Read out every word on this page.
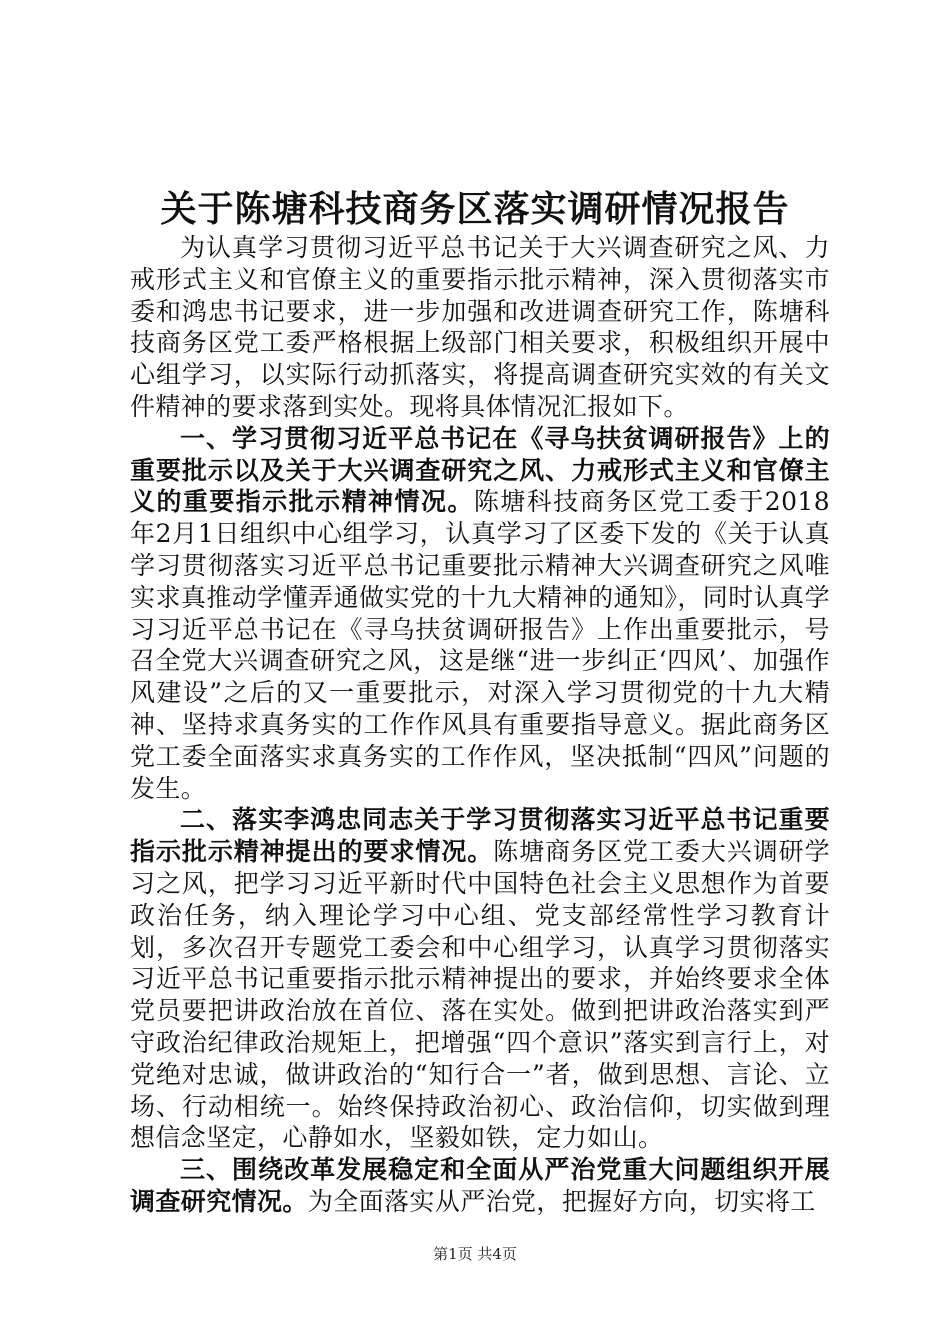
关于陈塘科技商务区落实调研情况报告

为认真学习贯彻习近平总书记关于大兴调查研究之风、力戒形式主义和官僚主义的重要指示批示精神，深入贯彻落实市委和鸿忠书记要求，进一步加强和改进调查研究工作，陈塘科技商务区党工委严格根据上级部门相关要求，积极组织开展中心组学习，以实际行动抓落实，将提高调查研究实效的有关文件精神的要求落到实处。现将具体情况汇报如下。

一、学习贯彻习近平总书记在《寻乌扶贫调研报告》上的重要批示以及关于大兴调查研究之风、力戒形式主义和官僚主义的重要指示批示精神情况。陈塘科技商务区党工委于2018年2月1日组织中心组学习，认真学习了区委下发的《关于认真学习贯彻落实习近平总书记重要批示精神大兴调查研究之风唯实求真推动学懂弄通做实党的十九大精神的通知》，同时认真学习习近平总书记在《寻乌扶贫调研报告》上作出重要批示，号召全党大兴调查研究之风，这是继“进一步纠正‘四风’、加强作风建设”之后的又一重要批示，对深入学习贯彻党的十九大精神、坚持求真务实的工作作风具有重要指导意义。据此商务区党工委全面落实求真务实的工作作风，坚决抵制“四风”问题的发生。

二、落实李鸿忠同志关于学习贯彻落实习近平总书记重要指示批示精神提出的要求情况。陈塘商务区党工委大兴调研学习之风，把学习习近平新时代中国特色社会主义思想作为首要政治任务，纳入理论学习中心组、党支部经常性学习教育计划，多次召开专题党工委会和中心组学习，认真学习贯彻落实习近平总书记重要指示批示精神提出的要求，并始终要求全体党员要把讲政治放在首位、落在实处。做到把讲政治落实到严守政治纪律政治规矩上，把增强“四个意识”落实到言行上，对党绝对忠诚，做讲政治的“知行合一”者，做到思想、言论、立场、行动相统一。始终保持政治初心、政治信仰，切实做到理想信念坚定，心静如水，坚毅如铁，定力如山。

三、围绕改革发展稳定和全面从严治党重大问题组织开展调查研究情况。为全面落实从严治党，把握好方向，切实将工

第1页 共4页
